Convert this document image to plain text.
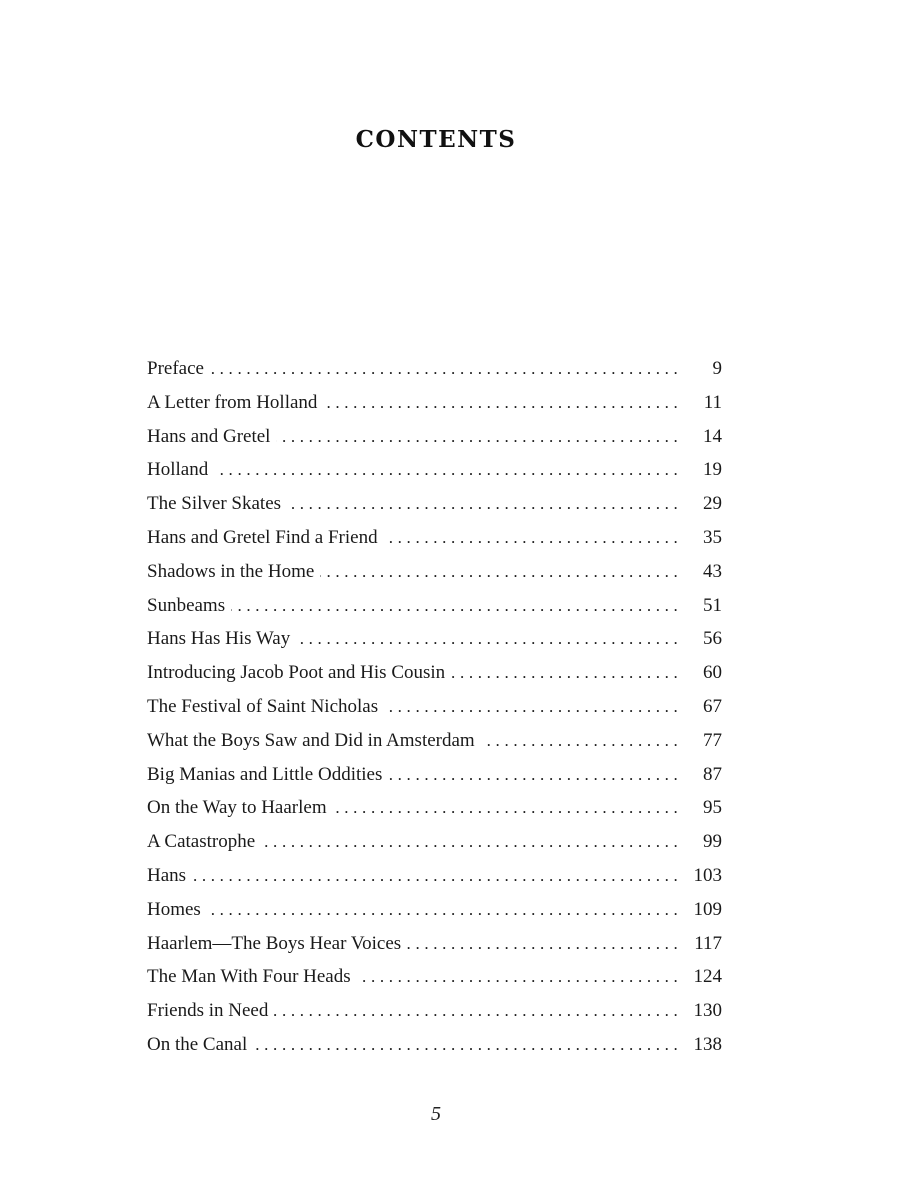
CONTENTS
Preface . . .	9
A Letter from Holland . . .	11
Hans and Gretel . . .	14
Holland . . .	19
The Silver Skates . . .	29
Hans and Gretel Find a Friend . . .	35
Shadows in the Home . . .	43
Sunbeams . . .	51
Hans Has His Way . . .	56
Introducing Jacob Poot and His Cousin . . .	60
The Festival of Saint Nicholas . . .	67
What the Boys Saw and Did in Amsterdam . . .	77
Big Manias and Little Oddities . . .	87
On the Way to Haarlem . . .	95
A Catastrophe . . .	99
Hans . . .	103
Homes . . .	109
Haarlem—The Boys Hear Voices . . .	117
The Man With Four Heads . . .	124
Friends in Need . . .	130
On the Canal . . .	138
5
